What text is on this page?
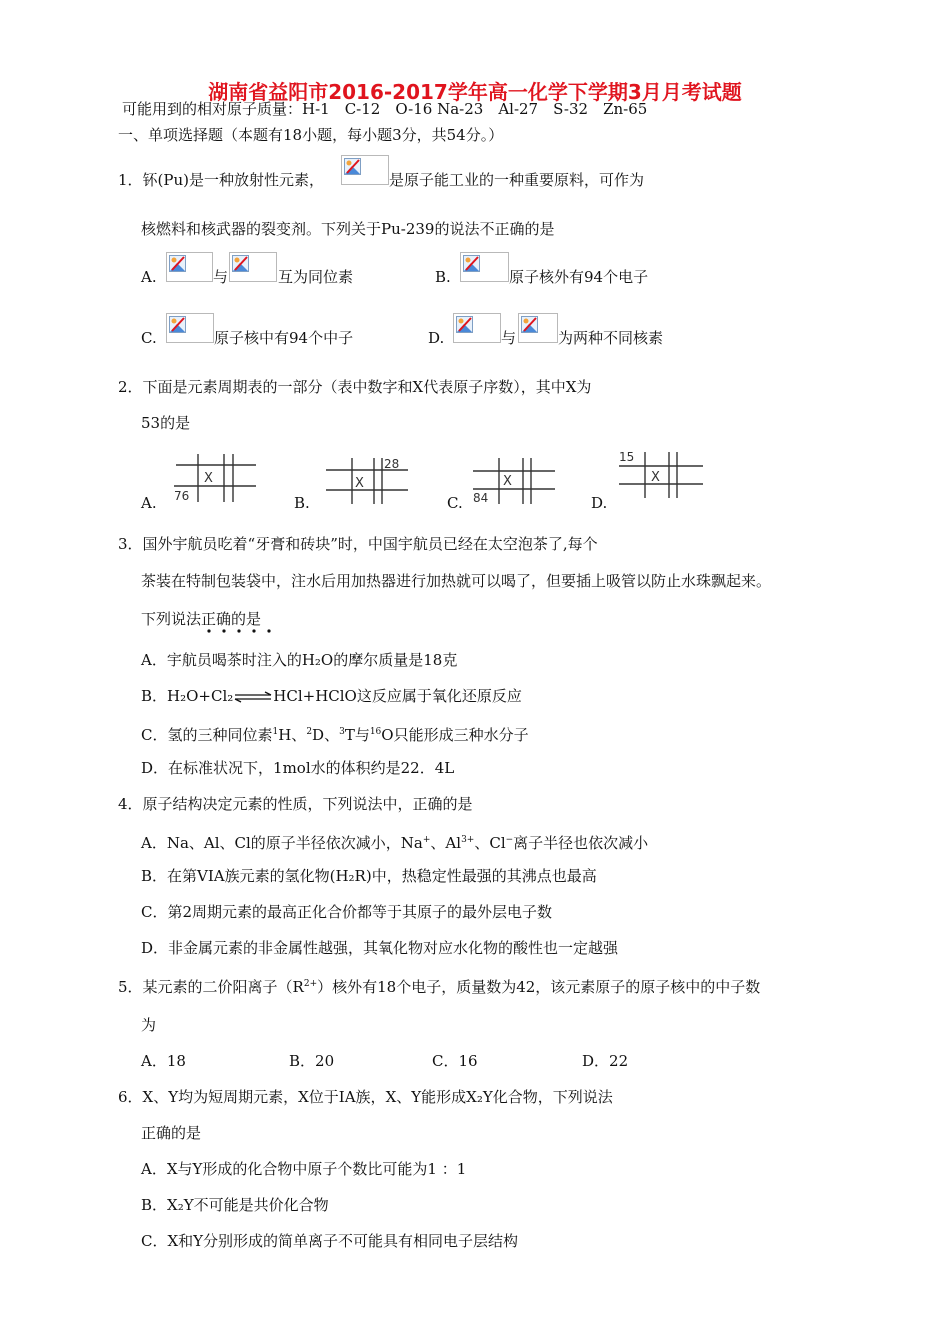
湖南省益阳市2016-2017学年高一化学下学期3月月考试题
可能用到的相对原子质量：H-1　C-12　O-16 Na-23　Al-27　S-32　Zn-65
一、单项选择题（本题有18小题，每小题3分，共54分。）
1．钚(Pu)是一种放射性元素，	是原子能工业的一种重要原料，可作为
核燃料和核武器的裂变剂。下列关于Pu-239的说法不正确的是
A.	与	互为同位素	B.	原子核外有94个电子
C.	原子核中有94个中子	D.	与	为两种不同核素
2．下面是元素周期表的一部分（表中数字和X代表原子序数），其中X为
53的是
A.
X
76	B.
X
28
C.
X
84	D.
X
15
3．国外宇航员吃着“牙膏和砖块”时，中国宇航员已经在太空泡茶了,每个
茶装在特制包装袋中，注水后用加热器进行加热就可以喝了，但要插上吸管以防止水珠飘起来。
下列说法正确的是
A．宇航员喝茶时注入的H₂O的摩尔质量是18克
B．H₂O+Cl₂⇌HCl+HClO这反应属于氧化还原反应
C．氢的三种同位素$^1$H、$^2$D、$^3$T与$^{16}$O只能形成三种水分子
D．在标准状况下，1mol水的体积约是22．4L
4．原子结构决定元素的性质，下列说法中，正确的是
A．Na、Al、Cl的原子半径依次减小，Na+、$Al^{3+}$、Cl−离子半径也依次减小
B．在第VIA族元素的氢化物(H₂R)中，热稳定性最强的其沸点也最高
C．第2周期元素的最高正化合价都等于其原子的最外层电子数
D．非金属元素的非金属性越强，其氧化物对应水化物的酸性也一定越强
5．某元素的二价阳离子$(R^{2+})$核外有18个电子，质量数为42，该元素原子的原子核中的中子数
为
A．18	B．20	C．16	D．22
6．X、Y均为短周期元素，X位于IA族，X、Y能形成X₂Y化合物，下列说法
正确的是
A．X与Y形成的化合物中原子个数比可能为1 ：1
B．X₂Y不可能是共价化合物
C．X和Y分别形成的简单离子不可能具有相同电子层结构
